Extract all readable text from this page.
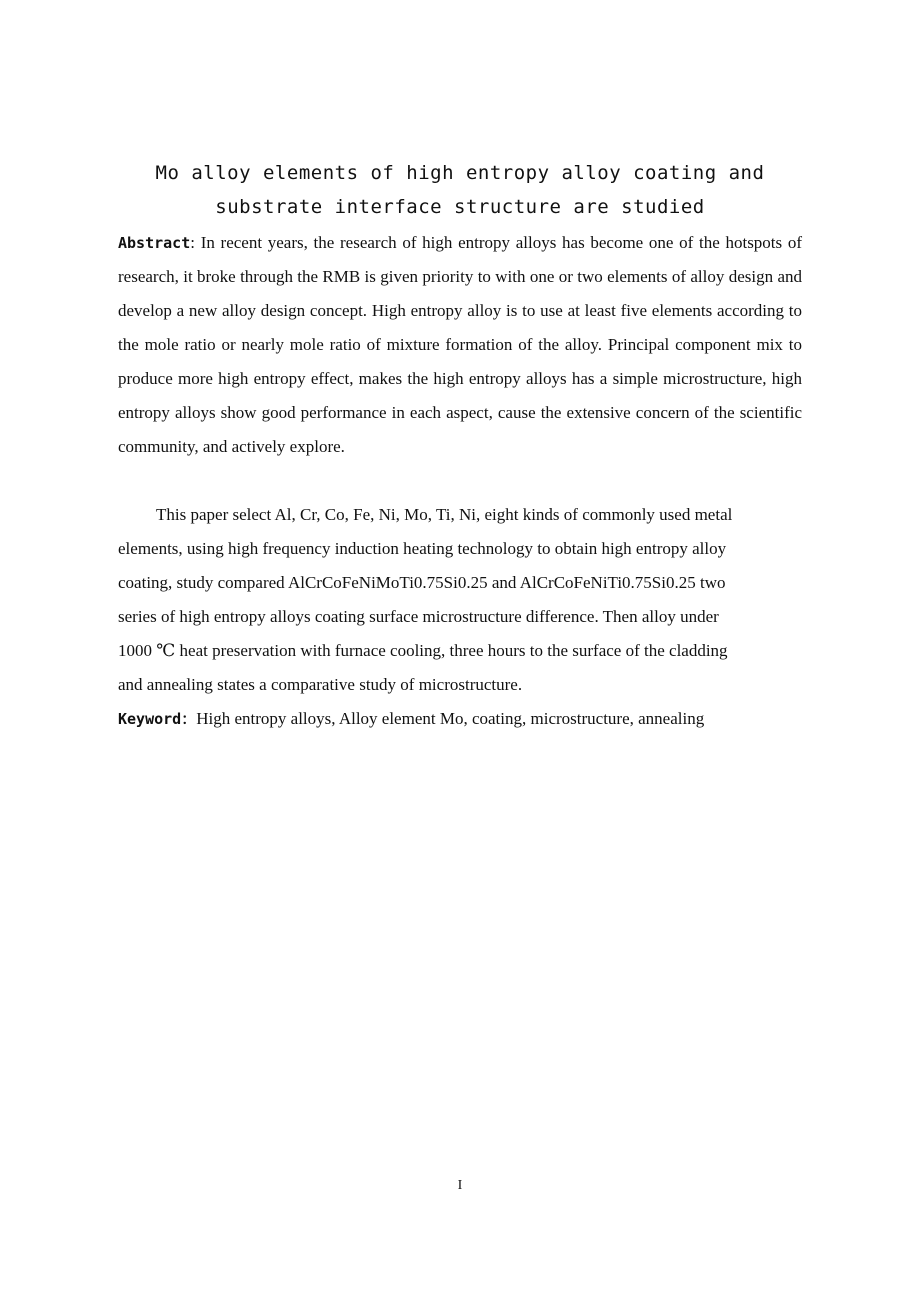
Mo alloy elements of high entropy alloy coating and
substrate interface structure are studied

Abstract: In recent years, the research of high entropy alloys has become one of the hotspots of research, it broke through the RMB is given priority to with one or two elements of alloy design and develop a new alloy design concept. High entropy alloy is to use at least five elements according to the mole ratio or nearly mole ratio of mixture formation of the alloy. Principal component mix to produce more high entropy effect, makes the high entropy alloys has a simple microstructure, high entropy alloys show good performance in each aspect, cause the extensive concern of the scientific community, and actively explore.

This paper select Al, Cr, Co, Fe, Ni, Mo, Ti, Ni, eight kinds of commonly used metal
elements, using high frequency induction heating technology to obtain high entropy alloy
coating, study compared AlCrCoFeNiMoTi0.75Si0.25 and AlCrCoFeNiTi0.75Si0.25 two
series of high entropy alloys coating surface microstructure difference. Then alloy under
1000 ℃ heat preservation with furnace cooling, three hours to the surface of the cladding
and annealing states a comparative study of microstructure.

Keyword：High entropy alloys, Alloy element Mo, coating, microstructure, annealing

I
